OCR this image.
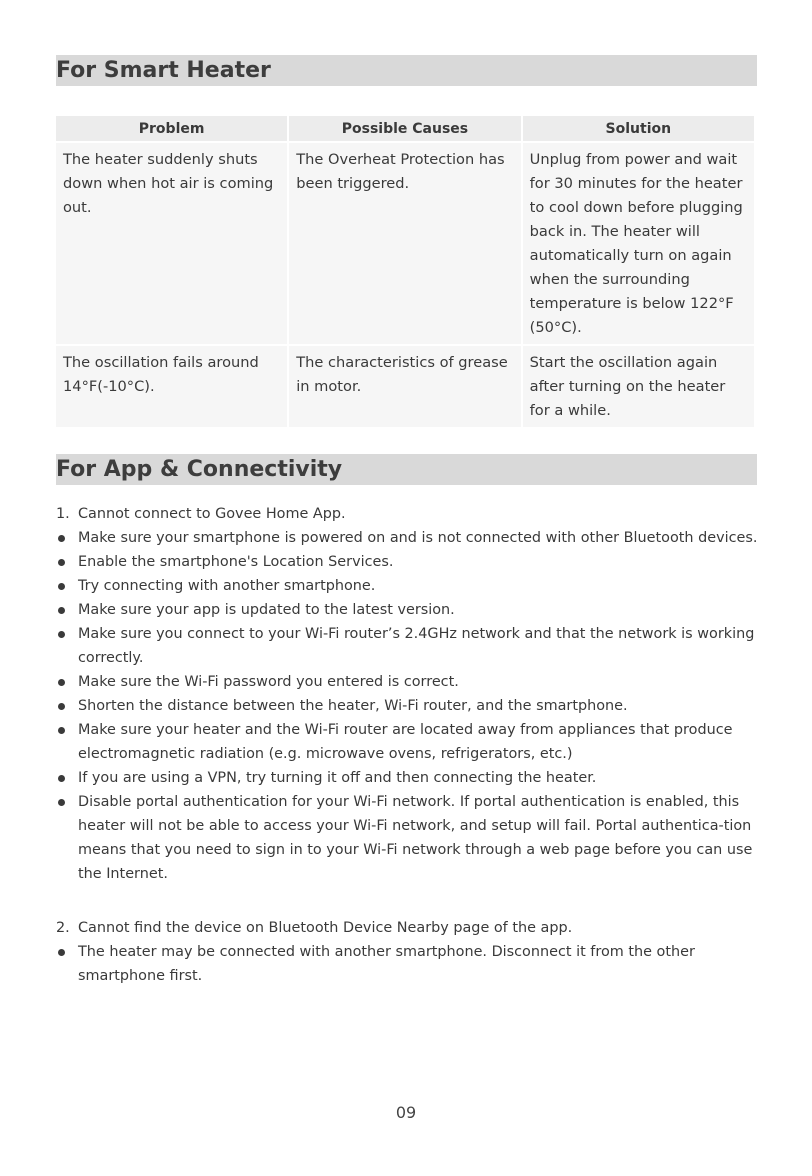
For Smart Heater
Problem	Possible Causes	Solution
The heater suddenly shuts down when hot air is coming out.	The Overheat Protection has been triggered.	Unplug from power and wait for 30 minutes for the heater to cool down before plugging back in. The heater will automatically turn on again when the surrounding temperature is below 122°F (50°C).
The oscillation fails around 14°F(-10°C).	The characteristics of grease in motor.	Start the oscillation again after turning on the heater for a while.
For App & Connectivity
1. Cannot connect to Govee Home App.
Make sure your smartphone is powered on and is not connected with other Bluetooth devices.
Enable the smartphone's Location Services.
Try connecting with another smartphone.
Make sure your app is updated to the latest version.
Make sure you connect to your Wi-Fi router’s 2.4GHz network and that the network is working correctly.
Make sure the Wi-Fi password you entered is correct.
Shorten the distance between the heater, Wi-Fi router, and the smartphone.
Make sure your heater and the Wi-Fi router are located away from appliances that produce electromagnetic radiation (e.g. microwave ovens, refrigerators, etc.)
If you are using a VPN, try turning it off and then connecting the heater.
Disable portal authentication for your Wi-Fi network. If portal authentication is enabled, this heater will not be able to access your Wi-Fi network, and setup will fail. Portal authentica-tion means that you need to sign in to your Wi-Fi network through a web page before you can use the Internet.
2. Cannot find the device on Bluetooth Device Nearby page of the app.
The heater may be connected with another smartphone. Disconnect it from the other smartphone first.
09
